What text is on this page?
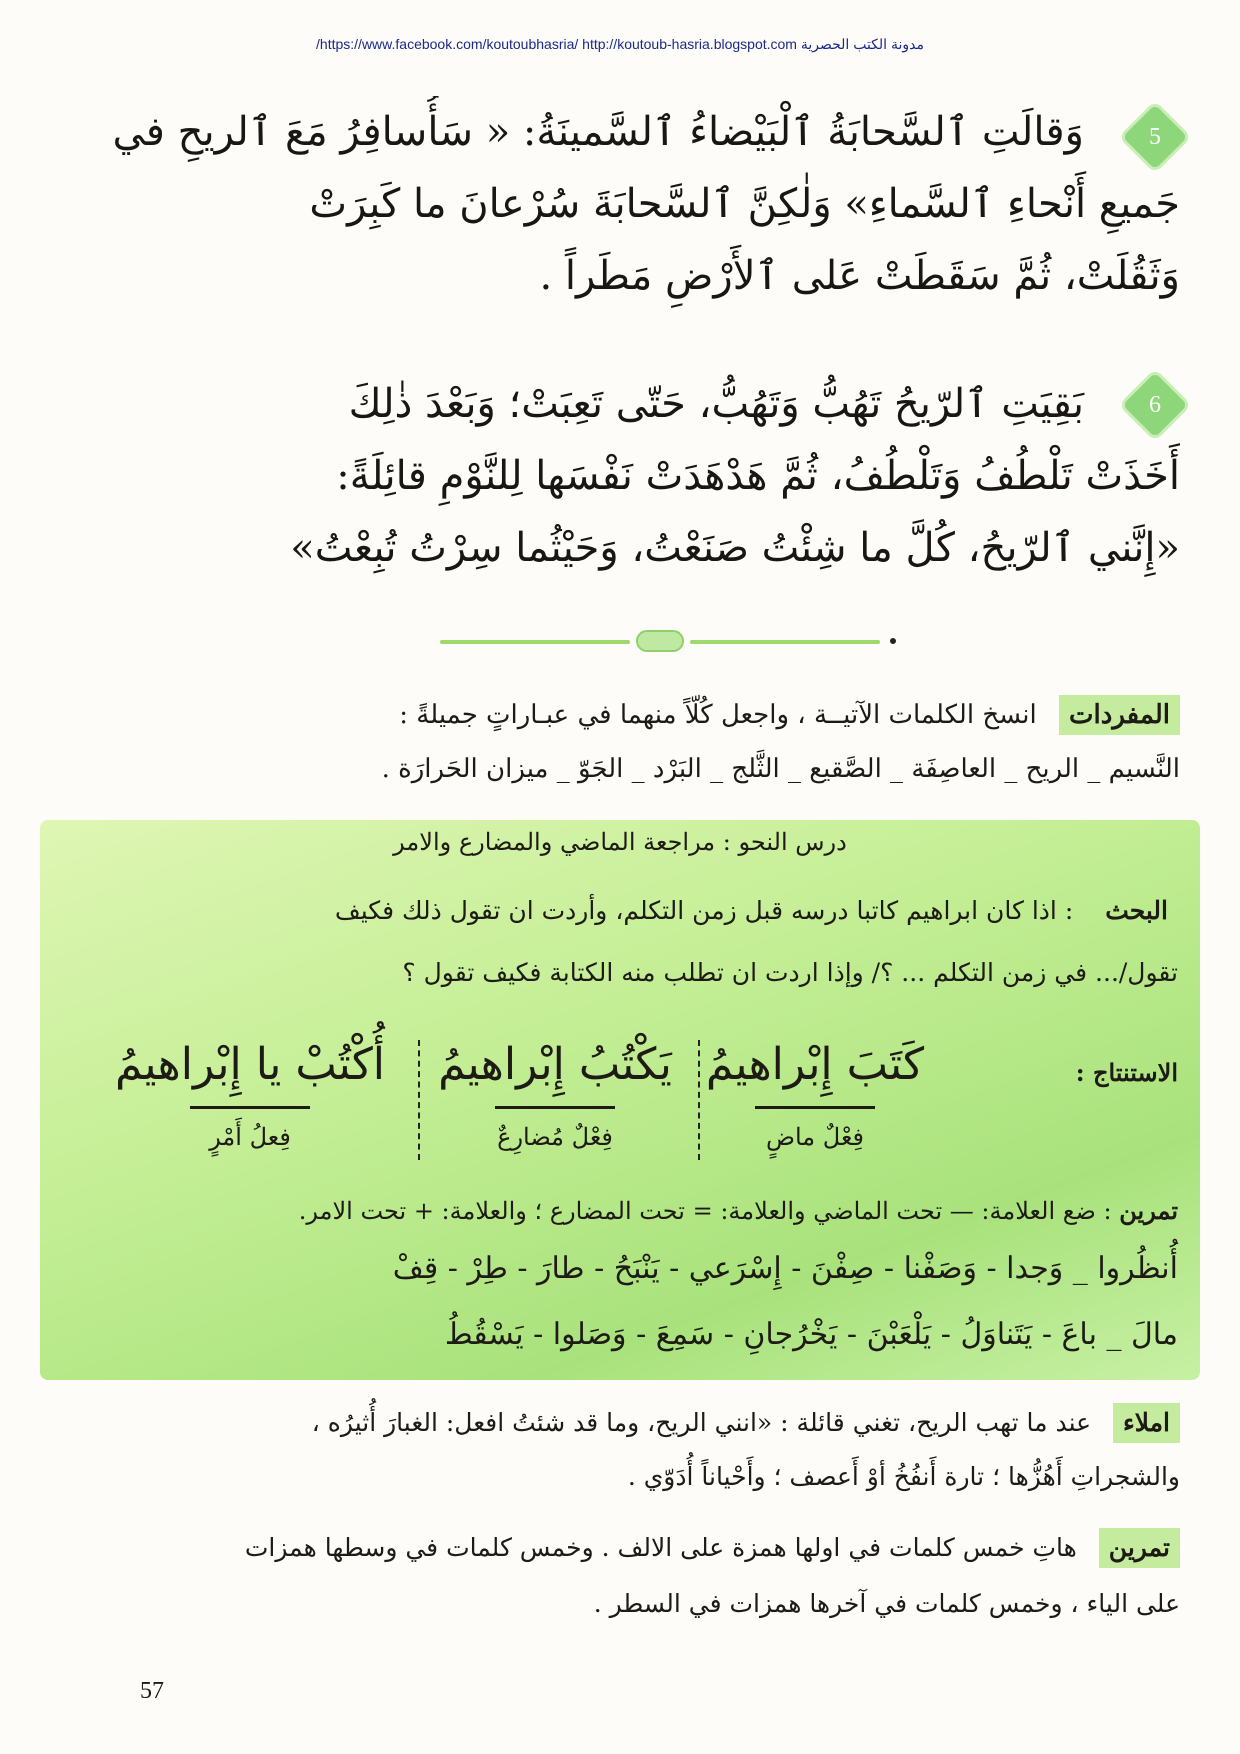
/https://www.facebook.com/koutoubhasria/ http://koutoub-hasria.blogspot.com مدونة الكتب الحصرية
5
وَقالَتِ ٱلسَّحابَةُ ٱلْبَيْضاءُ ٱلسَّمينَةُ: « سَأُسافِرُ مَعَ ٱلريحِ في
جَميعِ أَنْحاءِ ٱلسَّماءِ» وَلٰكِنَّ ٱلسَّحابَةَ سُرْعانَ ما كَبِرَتْ
وَثَقُلَتْ، ثُمَّ سَقَطَتْ عَلى ٱلأَرْضِ مَطَراً .
6
بَقِيَتِ ٱلرّيحُ تَهُبُّ وَتَهُبُّ، حَتّى تَعِبَتْ؛ وَبَعْدَ ذٰلِكَ
أَخَذَتْ تَلْطُفُ وَتَلْطُفُ، ثُمَّ هَدْهَدَتْ نَفْسَها لِلنَّوْمِ قائِلَةً:
«إِنَّني ٱلرّيحُ، كُلَّ ما شِئْتُ صَنَعْتُ، وَحَيْثُما سِرْتُ تُبِعْتُ»
المفردات انسخ الكلمات الآتيــة ، واجعل كُلّاً منهما في عبـاراتٍ جميلةً :
النَّسيم _ الريح _ العاصِفَة _ الصَّقيع _ الثَّلج _ البَرْد _ الجَوّ _ ميزان الحَرارَة .
درس النحو : مراجعة الماضي والمضارع والامر
البحث : اذا كان ابراهيم كاتبا درسه قبل زمن التكلم، وأردت ان تقول ذلك فكيف
تقول/... في زمن التكلم ... ؟/ وإذا اردت ان تطلب منه الكتابة فكيف تقول ؟
الاستنتاج :
كَتَبَ إِبْراهيمُ
فِعْلٌ ماضٍ
يَكْتُبُ إِبْراهيمُ
فِعْلٌ مُضارِعٌ
أُكْتُبْ يا إِبْراهيمُ
فِعلُ أَمْرٍ
تمرين : ضع العلامة: — تحت الماضي والعلامة: = تحت المضارع ؛ والعلامة: + تحت الامر.
أُنظُروا _ وَجدا - وَصَفْنا - صِفْنَ - إِسْرَعي - يَنْبَحُ - طارَ - طِرْ - قِفْ
مالَ _ باعَ - يَتَناوَلُ - يَلْعَبْنَ - يَخْرُجانِ - سَمِعَ - وَصَلوا - يَسْقُطُ
املاء عند ما تهب الريح، تغني قائلة : «انني الريح، وما قد شئتُ افعل: الغبارَ أُثيرُه ،
والشجراتِ أَهُزُّها ؛ تارة أَنفُخُ أوْ أَعصف ؛ وأَحْياناً أُدَوّي .
تمرين هاتِ خمس كلمات في اولها همزة على الالف . وخمس كلمات في وسطها همزات
على الياء ، وخمس كلمات في آخرها همزات في السطر .
57
